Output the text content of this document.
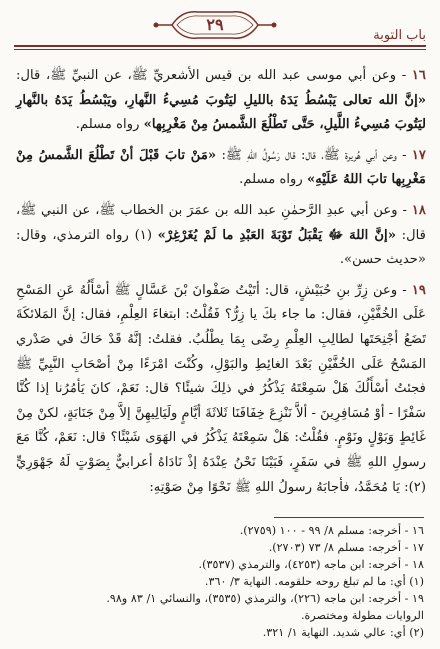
٢٩
باب التوبة

١٦ - وعن أبي موسى عبد الله بن قيس الأشعريِّ ﷺ، عن النبيِّ ﷺ، قال: «إنَّ الله تعالى يَبْسُطُ يَدَهُ بالليلِ ليَتُوبَ مُسِيءُ النَّهارِ، ويَبْسُطُ يَدَهُ بالنَّهارِ ليَتُوبَ مُسِيءُ اللَّيلِ، حَتَّى تَطْلُعَ الشَّمسُ مِنْ مَغْرِبِها» رواه مسلم.

١٧ - وعن أبي هُريرة ﷺ، قال: قال رَسُولُ اللهِ ﷺ: «مَنْ تابَ قَبْلَ أنْ تَطْلُعَ الشَّمسُ مِنْ مَغْرِبِها تابَ اللهُ عَلَيْهِ» رواه مسلم.

١٨ - وعن أبي عبدِ الرَّحمٰنِ عبد الله بن عمَرَ بن الخطاب ﷺ، عن النبي ﷺ، قال: «إنَّ اللهَ ﷻ يَقْبَلُ تَوْبَةَ العَبْدِ ما لَمْ يُغَرْغِرْ» (١) رواه الترمذي، وقال: «حديث حسن».

١٩ - وعن زِرِّ بنِ حُبَيْشٍ، قال: أتَيْتُ صَفْوانَ بْنَ عَسَّالٍ ﷺ أسْأَلُهُ عَنِ المَسْحِ عَلَى الخُفَّيْنِ، فقال: ما جاء بكَ يا زِرُّ؟ فَقُلْتُ: ابتغاءَ العِلْمِ، فقال: إنَّ المَلائكَةَ تَضَعُ أجْنِحَتَها لطالِبِ العِلْمِ رِضًى بِمَا يطْلُبُ. فقلتُ: إنَّهُ قَدْ حَاكَ في صَدْري المَسْحُ عَلَى الخُفَّيْنِ بَعْدَ الغائِطِ والبَوْلِ، وكُنْتَ امْرَءًا مِنْ أصْحَابِ النَّبِيِّ ﷺ فجئتُ أسْأَلُكَ هَلْ سَمِعْتَهُ يَذْكُرُ في ذلِكَ شيئًا؟ قال: نَعَمْ، كانَ يَأمُرُنا إذا كُنَّا سَفْرًا - أوْ مُسَافِرِينَ - ألاَّ نَنْزِعَ خِفَافَنَا ثَلاثَةَ أيَّامٍ ولَيَالِيهِنَّ إلاَّ مِنْ جَنَابَةٍ، لكنْ مِنْ غَائِطٍ وَبَوْلٍ ونَوْمٍ. فقُلْتُ: هَلْ سَمِعْتَهُ يَذْكُرُ في الهَوَى شَيْئًا؟ قال: نَعَمْ، كُنَّا مَعَ رسولِ اللهِ ﷺ في سَفَرٍ، فَبَيْنَا نَحْنُ عِنْدَهُ إذْ نَادَاهُ أعرابيٌّ بِصَوْتٍ لَهُ جَهْوَرِيٍّ (٢): يَا مُحَمَّدُ، فأجابَهُ رسولُ اللهِ ﷺ نَحْوًا مِنْ صَوْتِهِ:

١٦ - أخرجه: مسلم ٨/ ٩٩ - ١٠٠ (٢٧٥٩).

١٧ - أخرجه: مسلم ٨/ ٧٣ (٢٧٠٣).

١٨ - أخرجه: ابن ماجه (٤٢٥٣)، والترمذي (٣٥٣٧).

(١) أي: ما لم تبلغ روحه حلقومه. النهاية ٣/ ٣٦٠.

١٩ - أخرجه: ابن ماجه (٢٢٦)، والترمذي (٣٥٣٥)، والنسائي ١/ ٨٣ و٩٨.

الروايات مطولة ومختصرة.

(٢) أي: عالي شديد. النهاية ١/ ٣٢١.
